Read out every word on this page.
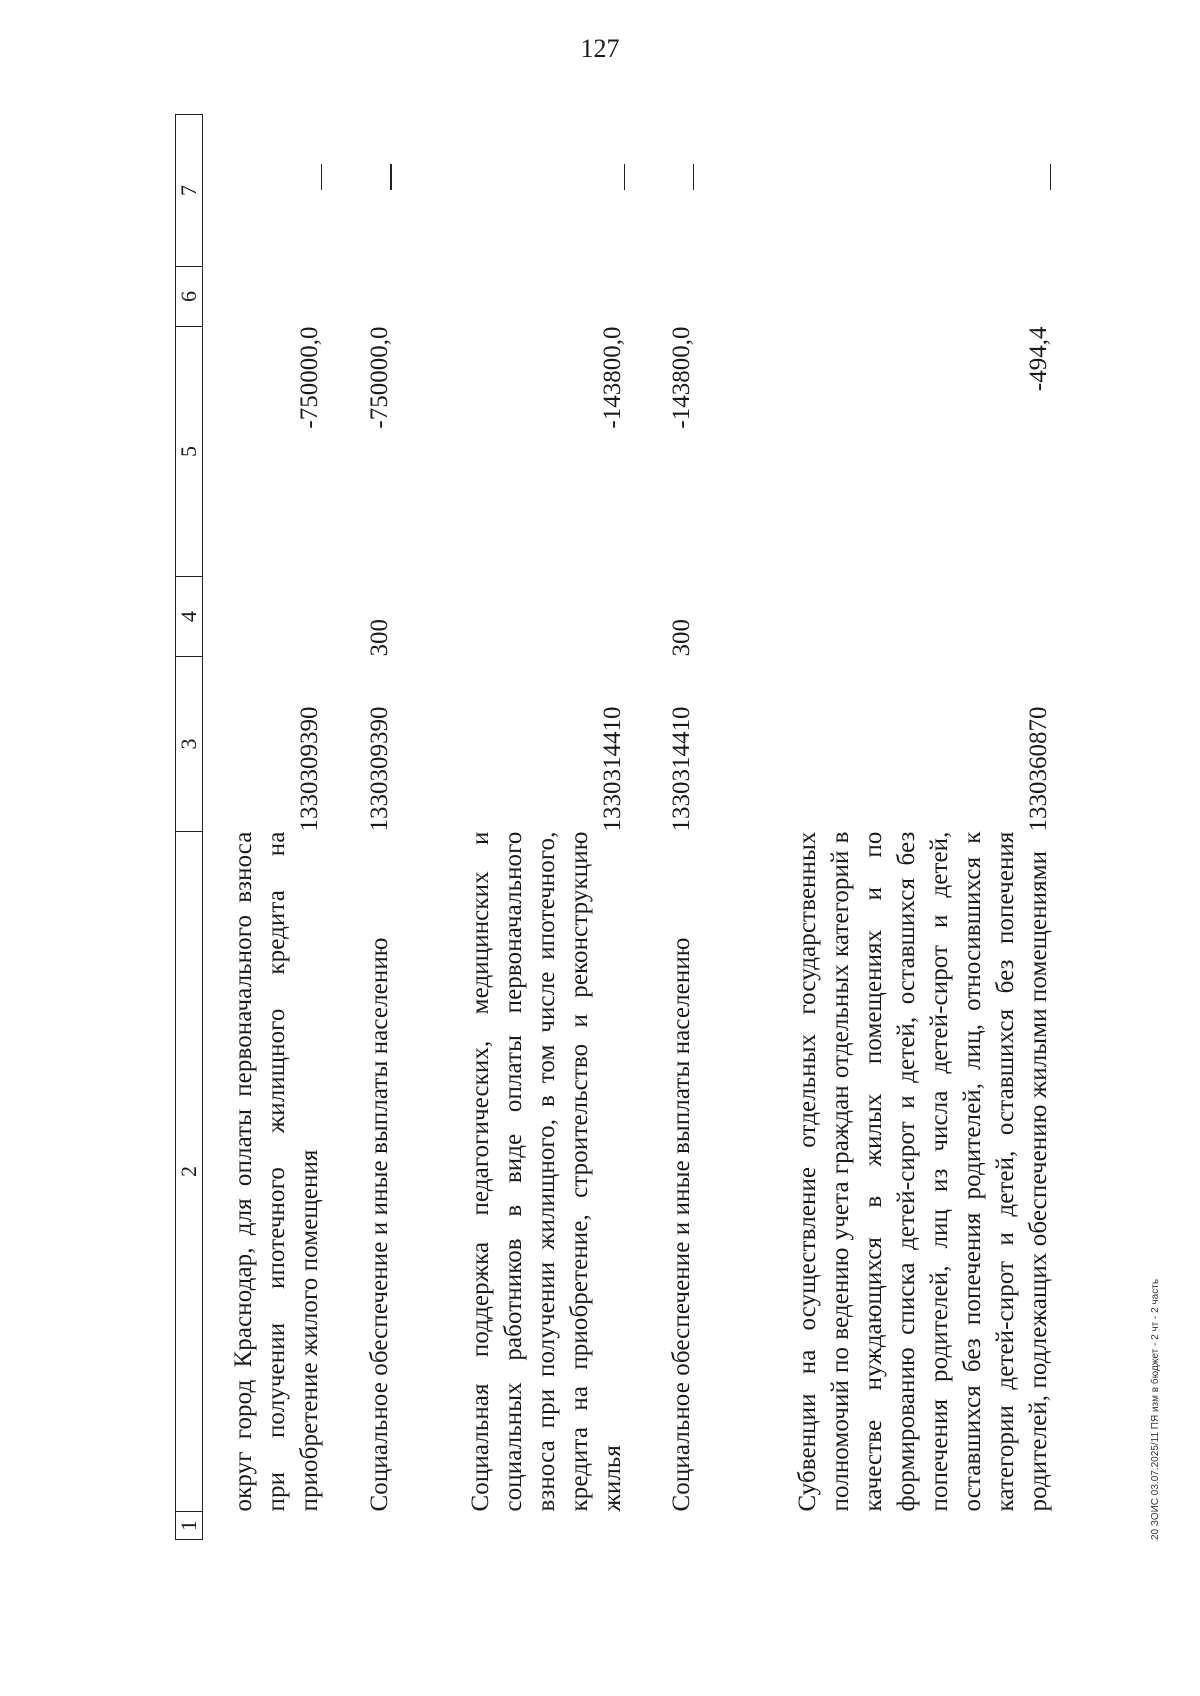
127
1	2	3	4	5	6	7
	округ город Краснодар, для оплаты первоначального взноса при получении ипотечного жилищного кредита на приобретение жилого помещения	1330309390		-750000,0		

	Социальное обеспечение и иные выплаты населению	1330309390	300	-750000,0		

	Социальная поддержка педагогических, медицинских и социальных работников в виде оплаты первоначального взноса при получении жилищного, в том числе ипотечного, кредита на приобретение, строительство и реконструкцию жилья	1330314410		-143800,0		

	Социальное обеспечение и иные выплаты населению	1330314410	300	-143800,0		

	Субвенции на осуществление отдельных государственных полномочий по ведению учета граждан отдельных категорий в качестве нуждающихся в жилых помещениях и по формированию списка детей-сирот и детей, оставшихся без попечения родителей, лиц из числа детей-сирот и детей, оставшихся без попечения родителей, лиц, относившихся к категории детей-сирот и детей, оставшихся без попечения родителей, подлежащих обеспечению жилыми помещениями	1330360870		-494,4		
20 ЗОИС 03.07.2025/11 ПЯ изм в бюджет - 2 чт - 2 часть
